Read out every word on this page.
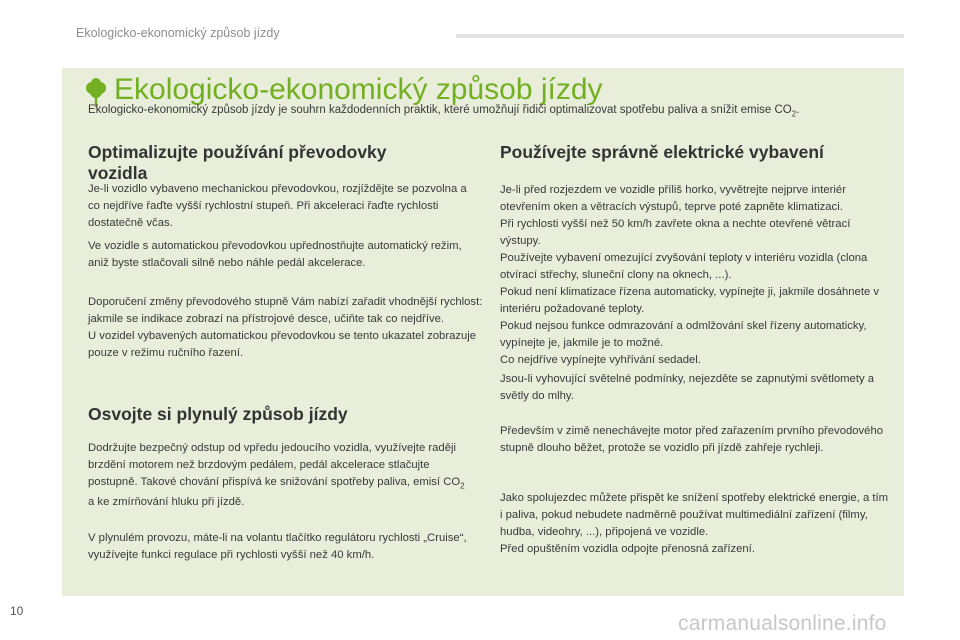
Ekologicko-ekonomický způsob jízdy
Ekologicko-ekonomický způsob jízdy
Ekologicko-ekonomický způsob jízdy je souhrn každodenních praktik, které umožňují řidiči optimalizovat spotřebu paliva a snížit emise $CO_2$.
Optimalizujte používání převodovky
vozidla

Je-li vozidlo vybaveno mechanickou převodovkou, rozjíždějte se pozvolna a co nejdříve řaďte vyšší rychlostní stupeň. Při akceleraci řaďte rychlosti dostatečně včas.

Ve vozidle s automatickou převodovkou upřednostňujte automatický režim, aniž byste stlačovali silně nebo náhle pedál akcelerace.

Doporučení změny převodového stupně Vám nabízí zařadit vhodnější rychlost: jakmile se indikace zobrazí na přístrojové desce, učiňte tak co nejdříve.
U vozidel vybavených automatickou převodovkou se tento ukazatel zobrazuje pouze v režimu ručního řazení.

Osvojte si plynulý způsob jízdy

Dodržujte bezpečný odstup od vpředu jedoucího vozidla, využívejte raději brzdění motorem než brzdovým pedálem, pedál akcelerace stlačujte postupně. Takové chování přispívá ke snižování spotřeby paliva, emisí $CO_2$ a ke zmírňování hluku při jízdě.

V plynulém provozu, máte-li na volantu tlačítko regulátoru rychlosti „Cruise“, využívejte funkci regulace při rychlosti vyšší než 40 km/h.

Používejte správně elektrické vybavení

Je-li před rozjezdem ve vozidle příliš horko, vyvětrejte nejprve interiér otevřením oken a větracích výstupů, teprve poté zapněte klimatizaci.
Při rychlosti vyšší než 50 km/h zavřete okna a nechte otevřené větrací výstupy.
Používejte vybavení omezující zvyšování teploty v interiéru vozidla (clona otvírací střechy, sluneční clony na oknech, ...).
Pokud není klimatizace řízena automaticky, vypínejte ji, jakmile dosáhnete v interiéru požadované teploty.
Pokud nejsou funkce odmrazování a odmlžování skel řízeny automaticky, vypínejte je, jakmile je to možné.
Co nejdříve vypínejte vyhřívání sedadel.

Jsou-li vyhovující světelné podmínky, nejezděte se zapnutými světlomety a světly do mlhy.

Především v zimě nenechávejte motor před zařazením prvního převodového stupně dlouho běžet, protože se vozidlo při jízdě zahřeje rychleji.

Jako spolujezdec můžete přispět ke snížení spotřeby elektrické energie, a tím i paliva, pokud nebudete nadměrně používat multimediální zařízení (filmy, hudba, videohry, ...), připojená ve vozidle.
Před opuštěním vozidla odpojte přenosná zařízení.

10
carmanualsonline.info
